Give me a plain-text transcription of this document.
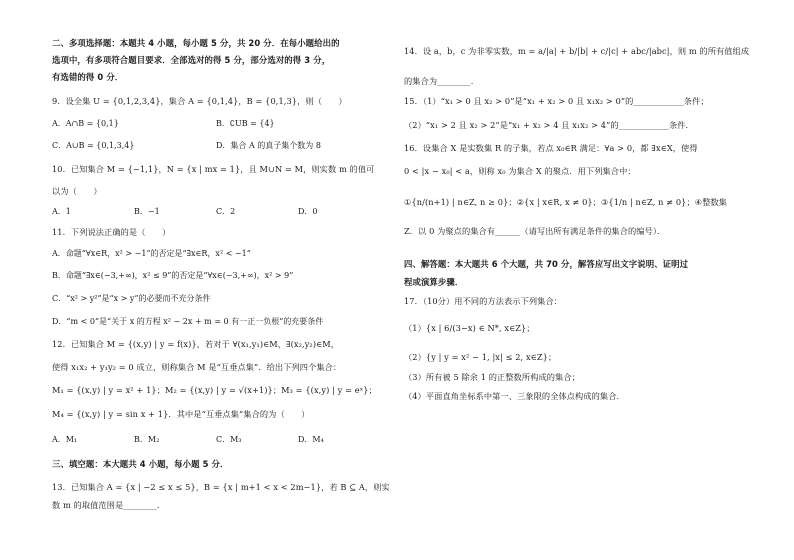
二、多项选择题：本题共 4 小题，每小题 5 分，共 20 分．在每小题给出的
选项中，有多项符合题目要求．全部选对的得 5 分，部分选对的得 3 分，
有选错的得 0 分．
9．设全集 U = {0,1,2,3,4}，集合 A = {0,1,4}，B = {0,1,3}，则（　　）
A．A∩B = {0,1}	B．∁UB = {4}
C．A∪B = {0,1,3,4}	D．集合 A 的真子集个数为 8
10．已知集合 M = {−1,1}，N = {x | mx = 1}，且 M∪N = M，则实数 m 的值可
以为（　　）
A．1	B．−1	C．2	D．0
11．下列说法正确的是（　　）
A．命题“∀x∈R，x² > −1”的否定是“∃x∈R，x² < −1”
B．命题“∃x∈(−3,+∞)，x² ≤ 9”的否定是“∀x∈(−3,+∞)，x² > 9”
C．“x² > y²”是“x > y”的必要而不充分条件
D．“m < 0”是“关于 x 的方程 x² − 2x + m = 0 有一正一负根”的充要条件
12．已知集合 M = {(x,y) | y = f(x)}，若对于 ∀(x₁,y₁)∈M，∃(x₂,y₂)∈M，
使得 x₁x₂ + y₁y₂ = 0 成立，则称集合 M 是“互垂点集”．给出下列四个集合：
M₁ = {(x,y) | y = x² + 1}；M₂ = {(x,y) | y = √(x+1)}；M₃ = {(x,y) | y = eˣ}；
M₄ = {(x,y) | y = sin x + 1}．其中是“互垂点集”集合的为（　　）
A．M₁	B．M₂	C．M₃	D．M₄
三、填空题：本大题共 4 小题，每小题 5 分．
13．已知集合 A = {x | −2 ≤ x ≤ 5}，B = {x | m+1 < x < 2m−1}，若 B ⊆ A，则实
数 m 的取值范围是________.
14．设 a，b，c 为非零实数，m = a/|a| + b/|b| + c/|c| + abc/|abc|，则 m 的所有值组成
的集合为________.
15．（1）“x₁ > 0 且 x₂ > 0”是“x₁ + x₂ > 0 且 x₁x₂ > 0”的____________条件；
（2）“x₁ > 2 且 x₂ > 2”是“x₁ + x₂ > 4 且 x₁x₂ > 4”的____________条件．
16．设集合 X 是实数集 R 的子集，若点 x₀∈R 满足：∀a > 0，都 ∃x∈X，使得
0 < |x − x₀| < a，则称 x₀ 为集合 X 的聚点．用下列集合中：
①{n/(n+1) | n∈Z, n ≥ 0}；②{x | x∈R, x ≠ 0}；③{1/n | n∈Z, n ≠ 0}；④整数集
Z．以 0 为聚点的集合有______（请写出所有满足条件的集合的编号）．
四、解答题：本大题共 6 个大题，共 70 分，解答应写出文字说明、证明过
程或演算步骤．
17．（10分）用不同的方法表示下列集合：
（1）{x | 6/(3−x) ∈ N*, x∈Z}；
（2）{y | y = x² − 1, |x| ≤ 2, x∈Z}；
（3）所有被 5 除余 1 的正整数所构成的集合；
（4）平面直角坐标系中第一、三象限的全体点构成的集合．
